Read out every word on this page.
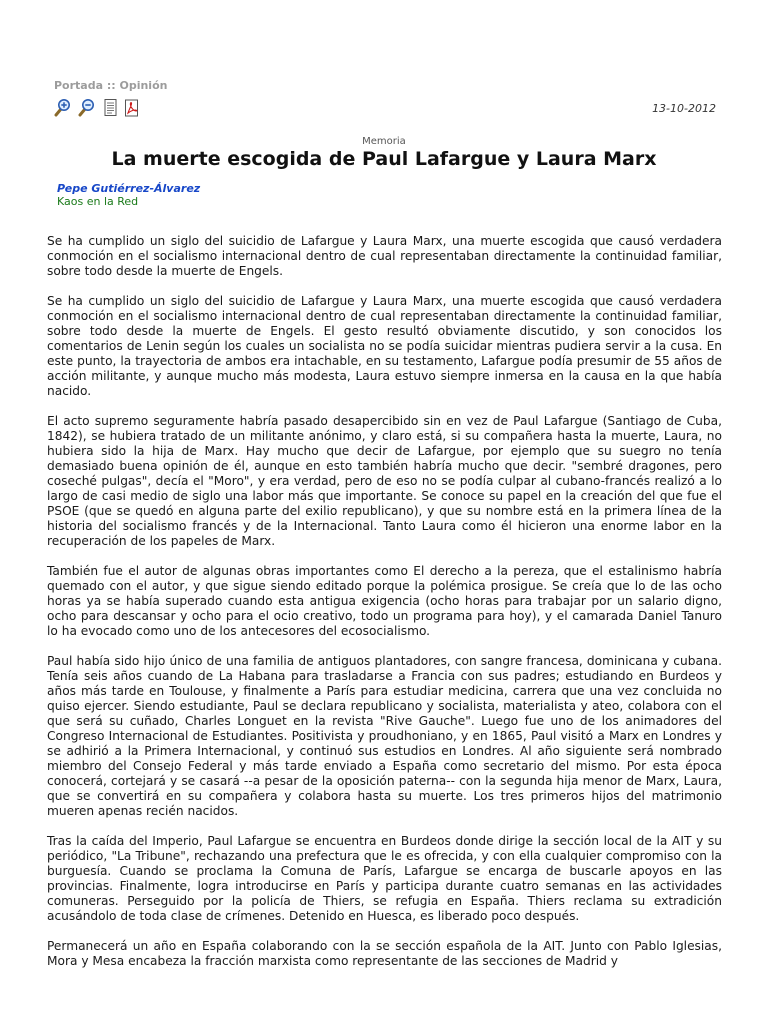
Portada :: Opinión
13-10-2012
Memoria
La muerte escogida de Paul Lafargue y Laura Marx
Pepe Gutiérrez-Álvarez
Kaos en la Red

Se ha cumplido un siglo del suicidio de Lafargue y Laura Marx, una muerte escogida que causó verdadera conmoción en el socialismo internacional dentro de cual representaban directamente la continuidad familiar, sobre todo desde la muerte de Engels.

Se ha cumplido un siglo del suicidio de Lafargue y Laura Marx, una muerte escogida que causó verdadera conmoción en el socialismo internacional dentro de cual representaban directamente la continuidad familiar, sobre todo desde la muerte de Engels. El gesto resultó obviamente discutido, y son conocidos los comentarios de Lenin según los cuales un socialista no se podía suicidar mientras pudiera servir a la cusa. En este punto, la trayectoria de ambos era intachable, en su testamento, Lafargue podía presumir de 55 años de acción militante, y aunque mucho más modesta, Laura estuvo siempre inmersa en la causa en la que había nacido.

El acto supremo seguramente habría pasado desapercibido sin en vez de Paul Lafargue (Santiago de Cuba, 1842), se hubiera tratado de un militante anónimo, y claro está, si su compañera hasta la muerte, Laura, no hubiera sido la hija de Marx. Hay mucho que decir de Lafargue, por ejemplo que su suegro no tenía demasiado buena opinión de él, aunque en esto también habría mucho que decir. "sembré dragones, pero coseché pulgas", decía el "Moro", y era verdad, pero de eso no se podía culpar al cubano-francés realizó a lo largo de casi medio de siglo una labor más que importante. Se conoce su papel en la creación del que fue el PSOE (que se quedó en alguna parte del exilio republicano), y que su nombre está en la primera línea de la historia del socialismo francés y de la Internacional. Tanto Laura como él hicieron una enorme labor en la recuperación de los papeles de Marx.

También fue el autor de algunas obras importantes como El derecho a la pereza, que el estalinismo habría quemado con el autor, y que sigue siendo editado porque la polémica prosigue. Se creía que lo de las ocho horas ya se había superado cuando esta antigua exigencia (ocho horas para trabajar por un salario digno, ocho para descansar y ocho para el ocio creativo, todo un programa para hoy), y el camarada Daniel Tanuro lo ha evocado como uno de los antecesores del ecosocialismo.

Paul había sido hijo único de una familia de antiguos plantadores, con sangre francesa, dominicana y cubana. Tenía seis años cuando de La Habana para trasladarse a Francia con sus padres; estudiando en Burdeos y años más tarde en Toulouse, y finalmente a París para estudiar medicina, carrera que una vez concluida no quiso ejercer. Siendo estudiante, Paul se declara republicano y socialista, materialista y ateo, colabora con el que será su cuñado, Charles Longuet en la revista "Rive Gauche". Luego fue uno de los animadores del Congreso Internacional de Estudiantes. Positivista y proudhoniano, y en 1865, Paul visitó a Marx en Londres y se adhirió a la Primera Internacional, y continuó sus estudios en Londres. Al año siguiente será nombrado miembro del Consejo Federal y más tarde enviado a España como secretario del mismo. Por esta época conocerá, cortejará y se casará --a pesar de la oposición paterna-- con la segunda hija menor de Marx, Laura, que se convertirá en su compañera y colabora hasta su muerte. Los tres primeros hijos del matrimonio mueren apenas recién nacidos.

Tras la caída del Imperio, Paul Lafargue se encuentra en Burdeos donde dirige la sección local de la AIT y su periódico, "La Tribune", rechazando una prefectura que le es ofrecida, y con ella cualquier compromiso con la burguesía. Cuando se proclama la Comuna de París, Lafargue se encarga de buscarle apoyos en las provincias. Finalmente, logra introducirse en París y participa durante cuatro semanas en las actividades comuneras. Perseguido por la policía de Thiers, se refugia en España. Thiers reclama su extradición acusándolo de toda clase de crímenes. Detenido en Huesca, es liberado poco después.

Permanecerá un año en España colaborando con la se sección española de la AIT. Junto con Pablo Iglesias, Mora y Mesa encabeza la fracción marxista como representante de las secciones de Madrid y
